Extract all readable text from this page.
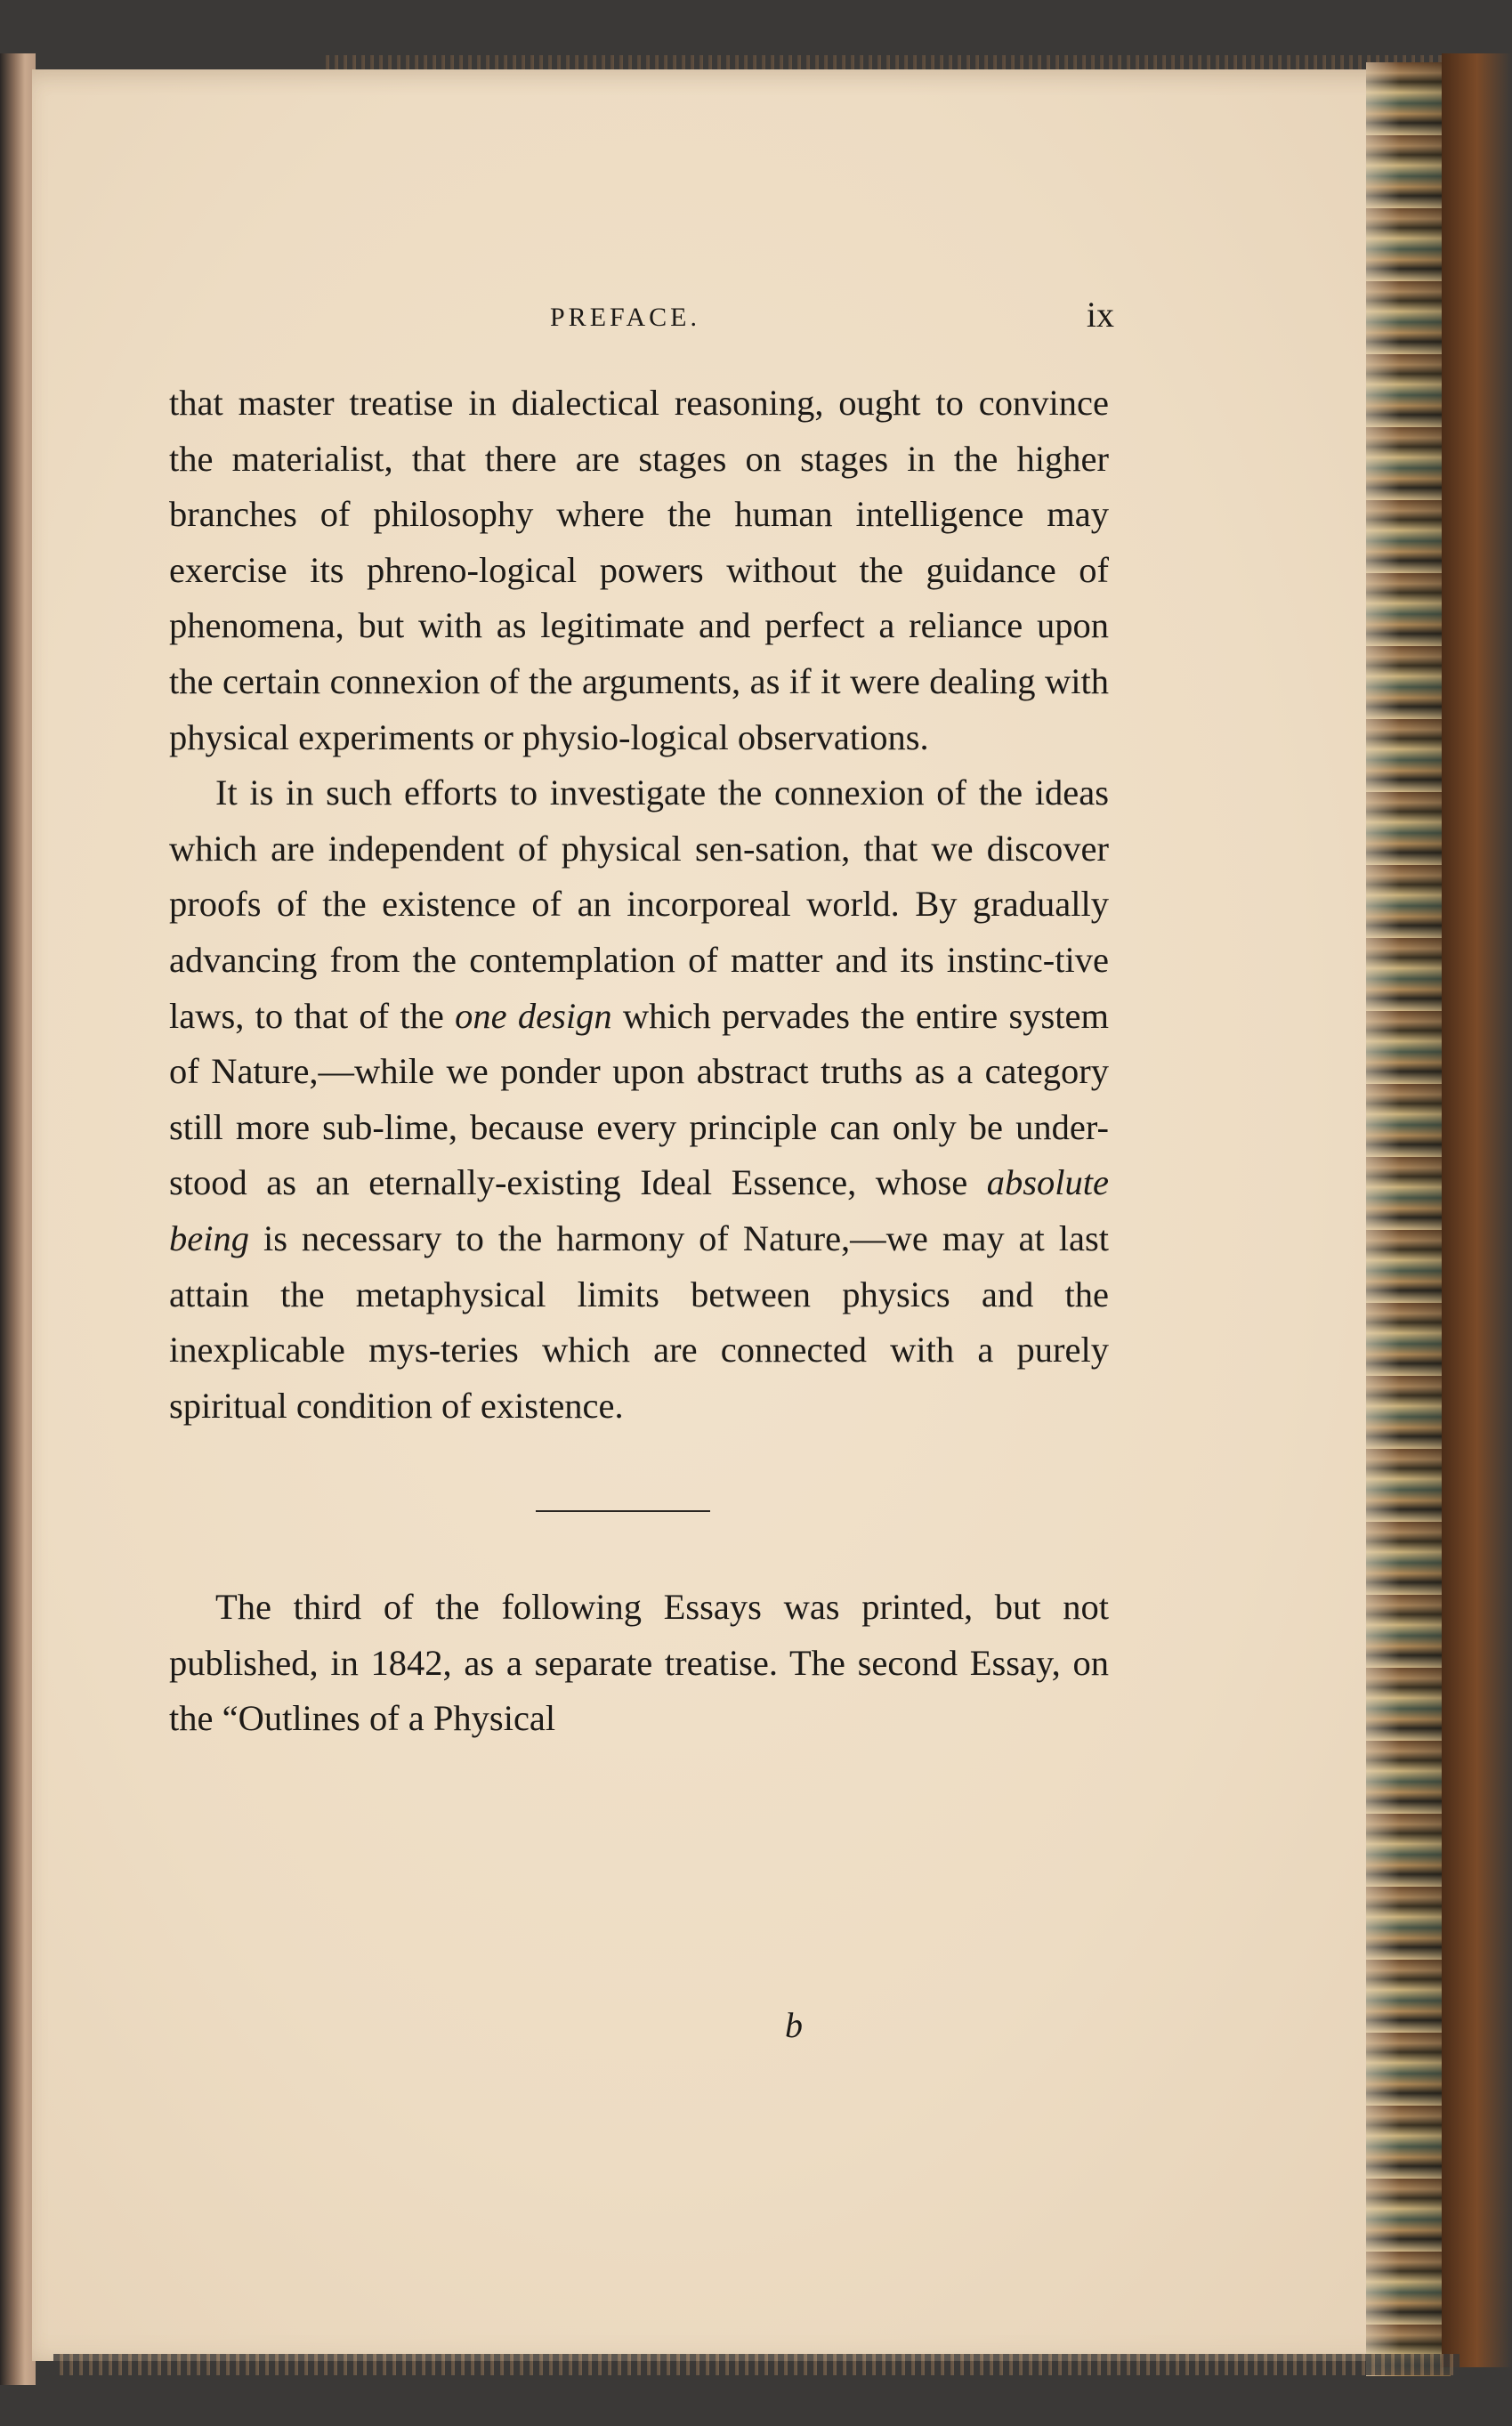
PREFACE.	ix

that master treatise in dialectical reasoning, ought to convince the materialist, that there are stages on stages in the higher branches of philosophy where the human intelligence may exercise its phreno-logical powers without the guidance of phenomena, but with as legitimate and perfect a reliance upon the certain connexion of the arguments, as if it were dealing with physical experiments or physio-logical observations.

It is in such efforts to investigate the connexion of the ideas which are independent of physical sen-sation, that we discover proofs of the existence of an incorporeal world. By gradually advancing from the contemplation of matter and its instinc-tive laws, to that of the one design which pervades the entire system of Nature,—while we ponder upon abstract truths as a category still more sub-lime, because every principle can only be under-stood as an eternally-existing Ideal Essence, whose absolute being is necessary to the harmony of Nature,—we may at last attain the metaphysical limits between physics and the inexplicable mys-teries which are connected with a purely spiritual condition of existence.

The third of the following Essays was printed, but not published, in 1842, as a separate treatise. The second Essay, on the “Outlines of a Physical

b
